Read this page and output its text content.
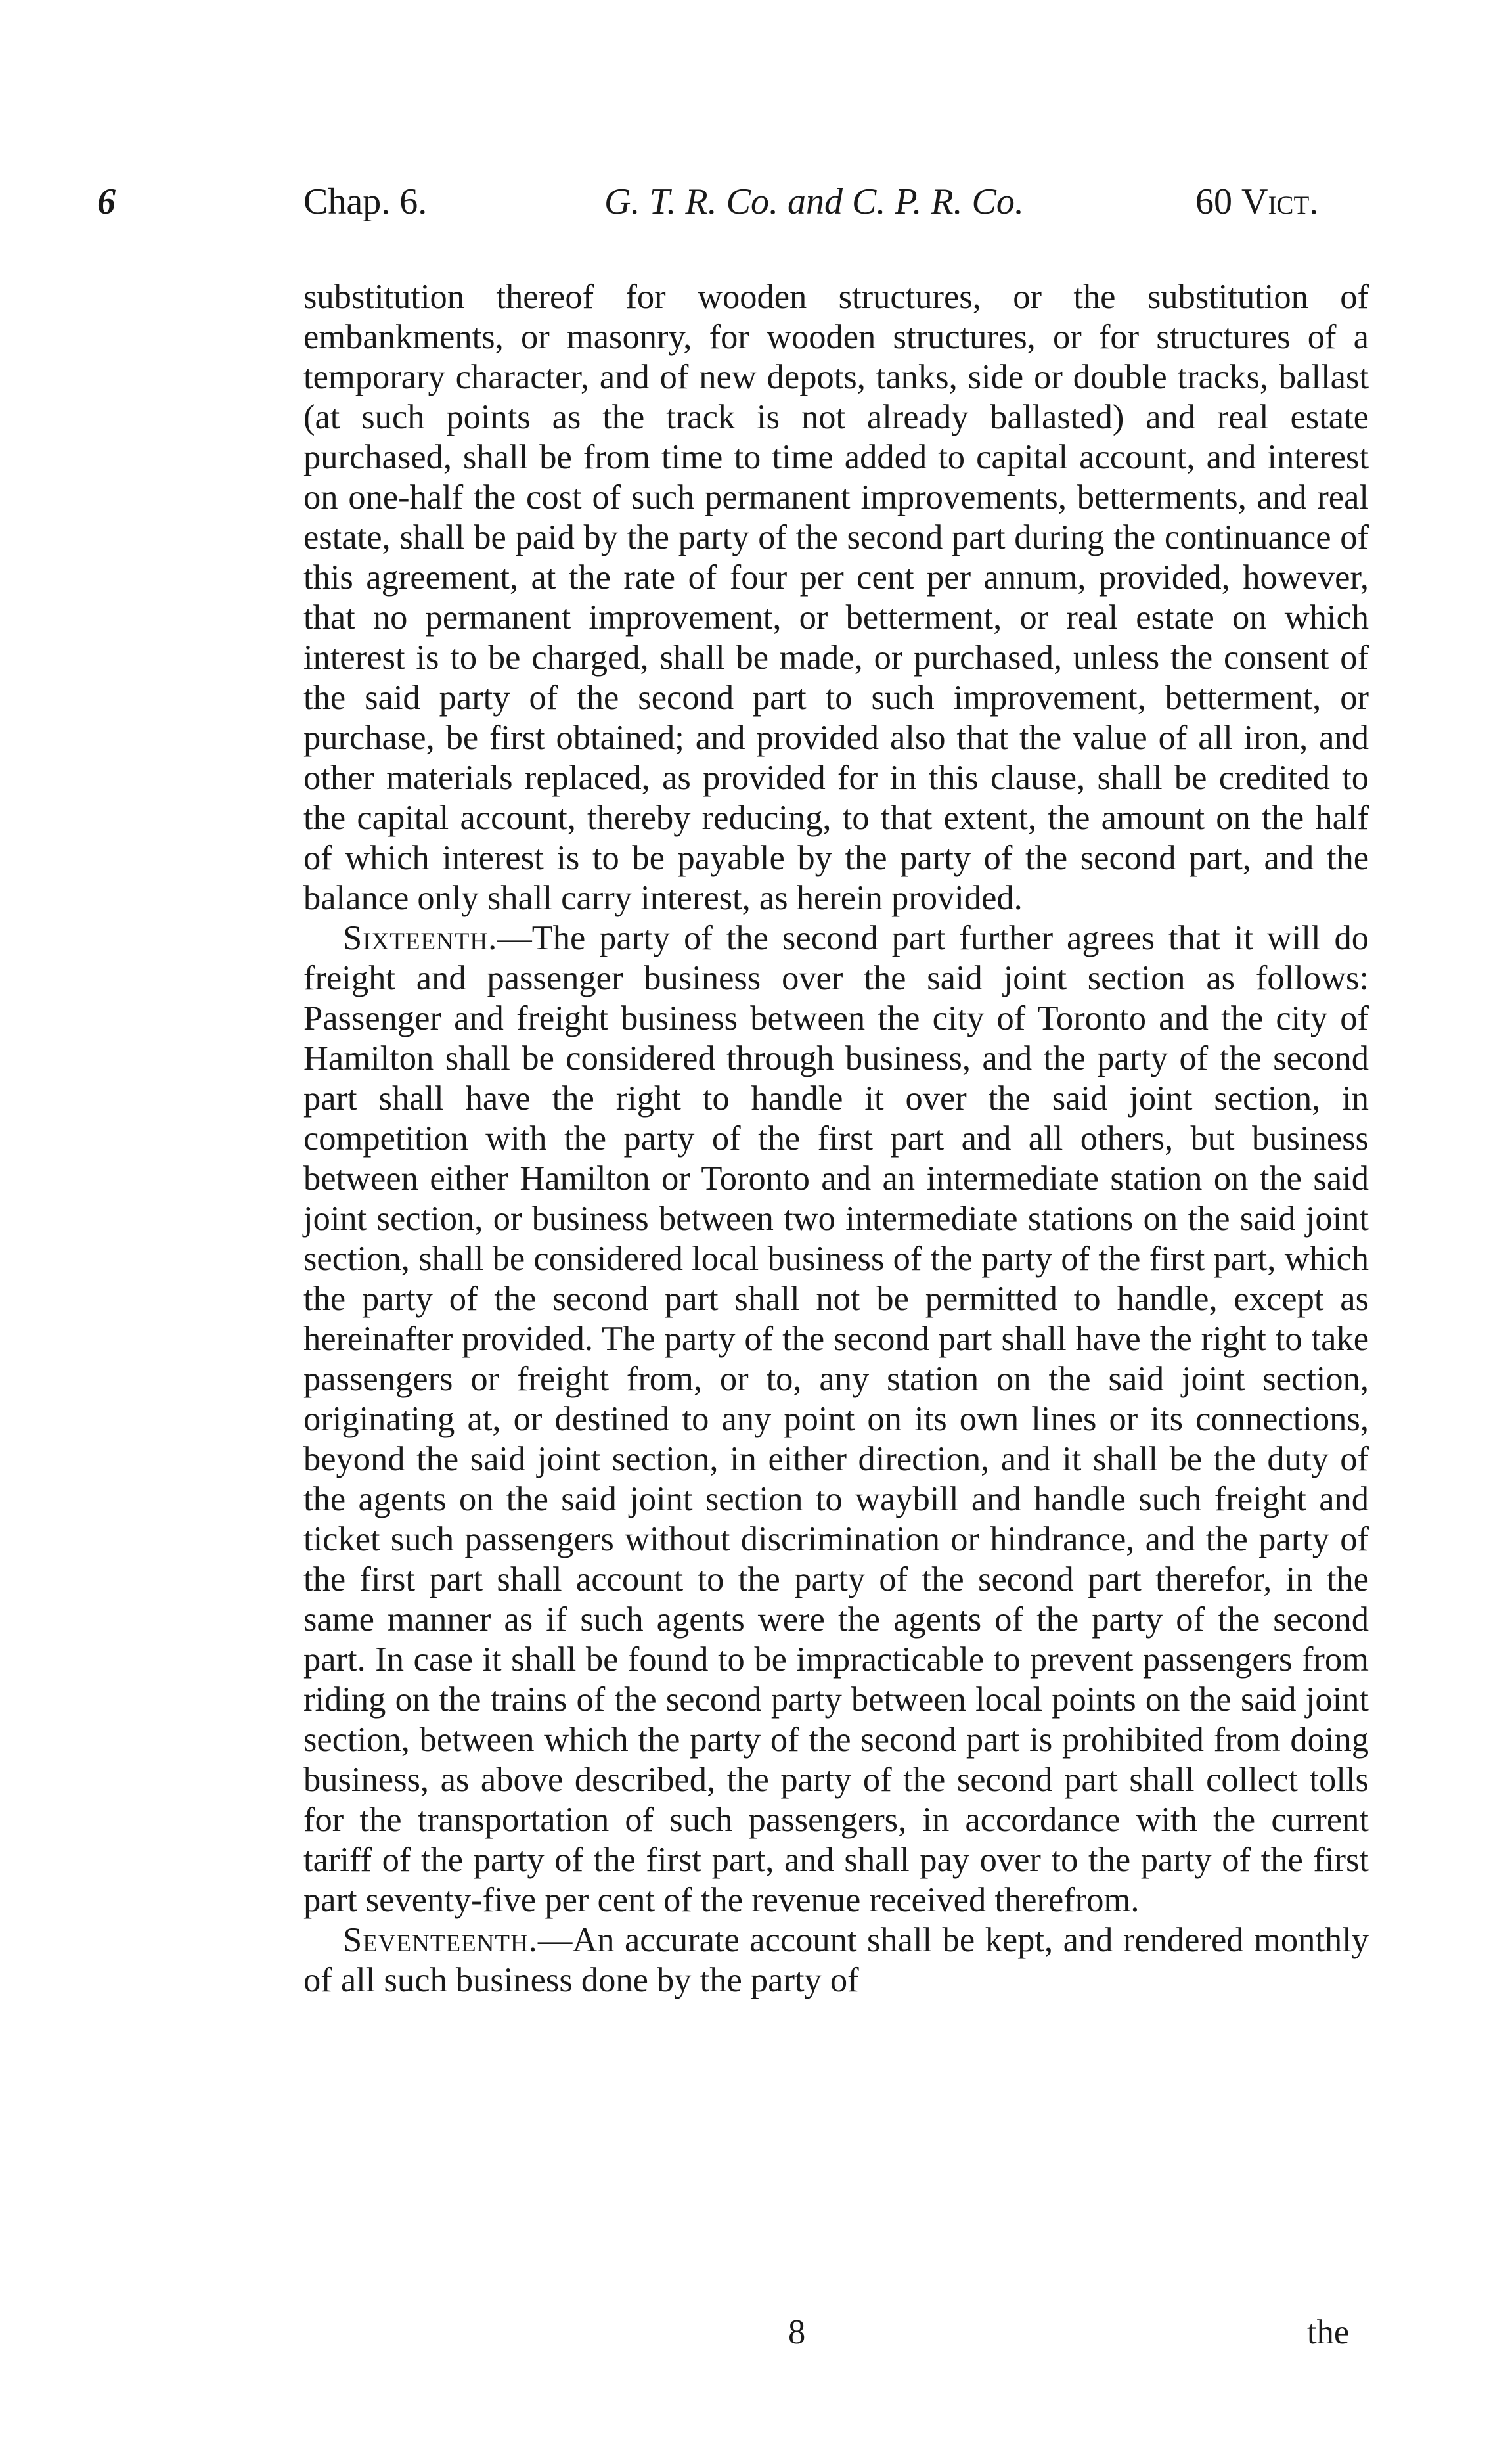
6	Chap. 6.	G. T. R. Co. and C. P. R. Co.	60 Vict.

substitution thereof for wooden structures, or the substitution of embankments, or masonry, for wooden structures, or for structures of a temporary character, and of new depots, tanks, side or double tracks, ballast (at such points as the track is not already ballasted) and real estate purchased, shall be from time to time added to capital account, and interest on one-half the cost of such permanent improvements, betterments, and real estate, shall be paid by the party of the second part during the continuance of this agreement, at the rate of four per cent per annum, provided, however, that no permanent improvement, or betterment, or real estate on which interest is to be charged, shall be made, or purchased, unless the consent of the said party of the second part to such improvement, betterment, or purchase, be first obtained; and provided also that the value of all iron, and other materials replaced, as provided for in this clause, shall be credited to the capital account, thereby reducing, to that extent, the amount on the half of which interest is to be payable by the party of the second part, and the balance only shall carry interest, as herein provided.

Sixteenth.—The party of the second part further agrees that it will do freight and passenger business over the said joint section as follows: Passenger and freight business between the city of Toronto and the city of Hamilton shall be considered through business, and the party of the second part shall have the right to handle it over the said joint section, in competition with the party of the first part and all others, but business between either Hamilton or Toronto and an intermediate station on the said joint section, or business between two intermediate stations on the said joint section, shall be considered local business of the party of the first part, which the party of the second part shall not be permitted to handle, except as hereinafter provided. The party of the second part shall have the right to take passengers or freight from, or to, any station on the said joint section, originating at, or destined to any point on its own lines or its connections, beyond the said joint section, in either direction, and it shall be the duty of the agents on the said joint section to waybill and handle such freight and ticket such passengers without discrimination or hindrance, and the party of the first part shall account to the party of the second part therefor, in the same manner as if such agents were the agents of the party of the second part. In case it shall be found to be impracticable to prevent passengers from riding on the trains of the second party between local points on the said joint section, between which the party of the second part is prohibited from doing business, as above described, the party of the second part shall collect tolls for the transportation of such passengers, in accordance with the current tariff of the party of the first part, and shall pay over to the party of the first part seventy-five per cent of the revenue received therefrom.

Seventeenth.—An accurate account shall be kept, and rendered monthly of all such business done by the party of

8	the
